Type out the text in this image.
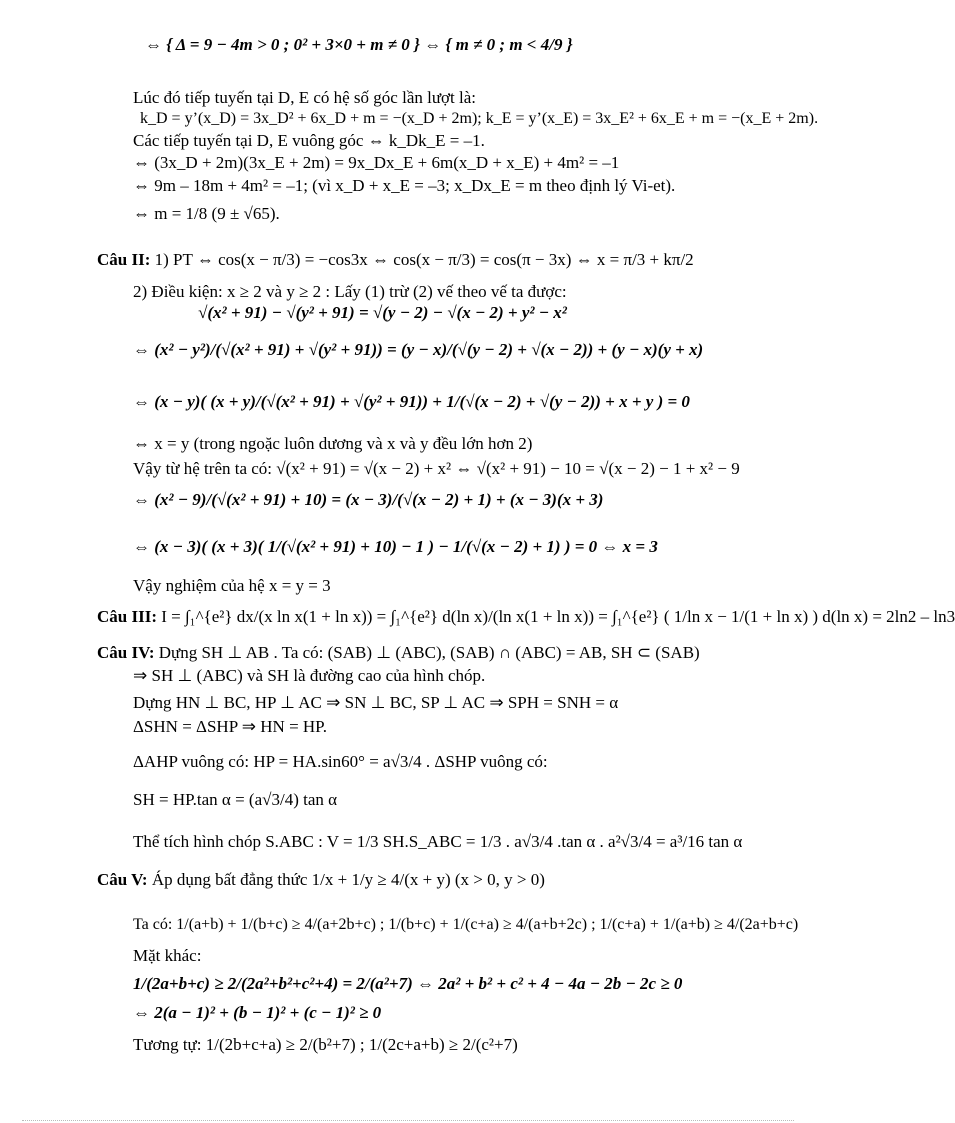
⇔ { Δ = 9 − 4m > 0 ; 0² + 3×0 + m ≠ 0 } ⇔ { m ≠ 0 ; m < 4/9 }
Lúc đó tiếp tuyến tại D, E có hệ số góc lần lượt là:
k_D = y’(x_D) = 3x_D² + 6x_D + m = −(x_D + 2m); k_E = y’(x_E) = 3x_E² + 6x_E + m = −(x_E + 2m).
Các tiếp tuyến tại D, E vuông góc ⇔ k_Dk_E = –1.
⇔ (3x_D + 2m)(3x_E + 2m) = 9x_Dx_E + 6m(x_D + x_E) + 4m² = –1
⇔ 9m – 18m + 4m² = –1; (vì x_D + x_E = –3; x_Dx_E = m theo định lý Vi-et).
⇔ m = 1/8 (9 ± √65).
Câu II: 1) PT ⇔ cos(x − π/3) = −cos3x ⇔ cos(x − π/3) = cos(π − 3x) ⇔ x = π/3 + kπ/2
2) Điều kiện: x ≥ 2 và y ≥ 2 : Lấy (1) trừ (2) vế theo vế ta được:
√(x² + 91) − √(y² + 91) = √(y − 2) − √(x − 2) + y² − x²
⇔ (x² − y²)/(√(x² + 91) + √(y² + 91)) = (y − x)/(√(y − 2) + √(x − 2)) + (y − x)(y + x)
⇔ (x − y)( (x + y)/(√(x² + 91) + √(y² + 91)) + 1/(√(x − 2) + √(y − 2)) + x + y ) = 0
⇔ x = y (trong ngoặc luôn dương và x và y đều lớn hơn 2)
Vậy từ hệ trên ta có: √(x² + 91) = √(x − 2) + x² ⇔ √(x² + 91) − 10 = √(x − 2) − 1 + x² − 9
⇔ (x² − 9)/(√(x² + 91) + 10) = (x − 3)/(√(x − 2) + 1) + (x − 3)(x + 3)
⇔ (x − 3)( (x + 3)( 1/(√(x² + 91) + 10) − 1 ) − 1/(√(x − 2) + 1) ) = 0 ⇔ x = 3
Vậy nghiệm của hệ x = y = 3
Câu III: I = ∫₁^{e²} dx/(x ln x(1 + ln x)) = ∫₁^{e²} d(ln x)/(ln x(1 + ln x)) = ∫₁^{e²} ( 1/ln x − 1/(1 + ln x) ) d(ln x) = 2ln2 – ln3
Câu IV: Dựng SH ⊥ AB . Ta có: (SAB) ⊥ (ABC), (SAB) ∩ (ABC) = AB, SH ⊂ (SAB)
⇒ SH ⊥ (ABC) và SH là đường cao của hình chóp.
Dựng HN ⊥ BC, HP ⊥ AC ⇒ SN ⊥ BC, SP ⊥ AC ⇒ SPH = SNH = α
ΔSHN = ΔSHP ⇒ HN = HP.
ΔAHP vuông có: HP = HA.sin60° = a√3/4 . ΔSHP vuông có:
SH = HP.tan α = (a√3/4) tan α
Thể tích hình chóp S.ABC : V = 1/3 SH.S_ABC = 1/3 . a√3/4 .tan α . a²√3/4 = a³/16 tan α
Câu V: Áp dụng bất đẳng thức 1/x + 1/y ≥ 4/(x + y) (x > 0, y > 0)
Ta có: 1/(a+b) + 1/(b+c) ≥ 4/(a+2b+c) ; 1/(b+c) + 1/(c+a) ≥ 4/(a+b+2c) ; 1/(c+a) + 1/(a+b) ≥ 4/(2a+b+c)
Mặt khác:
1/(2a+b+c) ≥ 2/(2a²+b²+c²+4) = 2/(a²+7) ⇔ 2a² + b² + c² + 4 − 4a − 2b − 2c ≥ 0
⇔ 2(a − 1)² + (b − 1)² + (c − 1)² ≥ 0
Tương tự: 1/(2b+c+a) ≥ 2/(b²+7) ; 1/(2c+a+b) ≥ 2/(c²+7)
